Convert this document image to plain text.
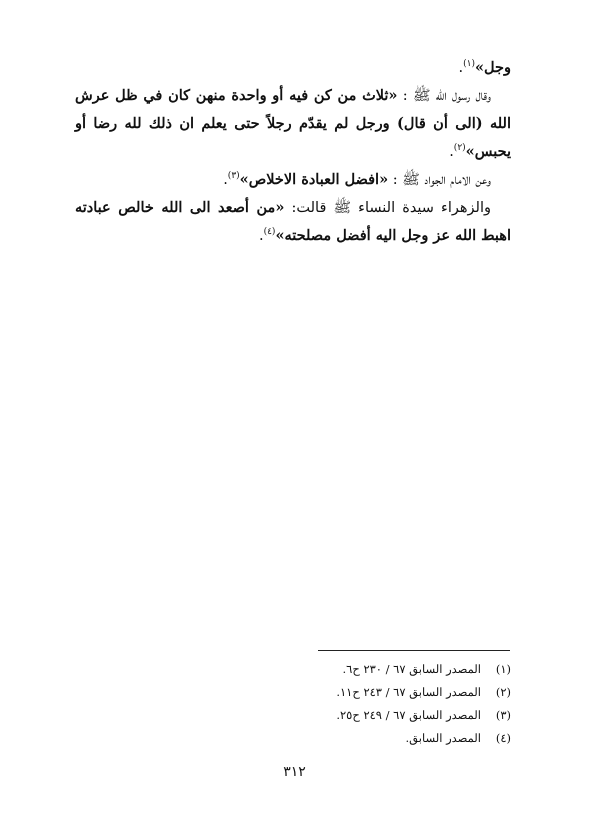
وجل»$^{(١)}$.

وقال رسول الله ﷺ : «ثلاث من كن فيه أو واحدة منهن كان في ظل عرش الله (الى أن قال) ورجل لم يقدّم رجلاً حتى يعلم ان ذلك لله رضا أو يحبس»$^{(٢)}$.

وعن الامام الجواد ﷺ : «افضل العبادة الاخلاص»$^{(٣)}$.

والزهراء سيدة النساء ﷺ قالت: «من أصعد الى الله خالص عبادته اهبط الله عز وجل اليه أفضل مصلحته»$^{(٤)}$.

(١)المصدر السابق ٦٧ / ٢٣٠ ح٦.
(٢)المصدر السابق ٦٧ / ٢٤٣ ح١١.
(٣)المصدر السابق ٦٧ / ٢٤٩ ح٢٥.
(٤)المصدر السابق.
٣١٢
